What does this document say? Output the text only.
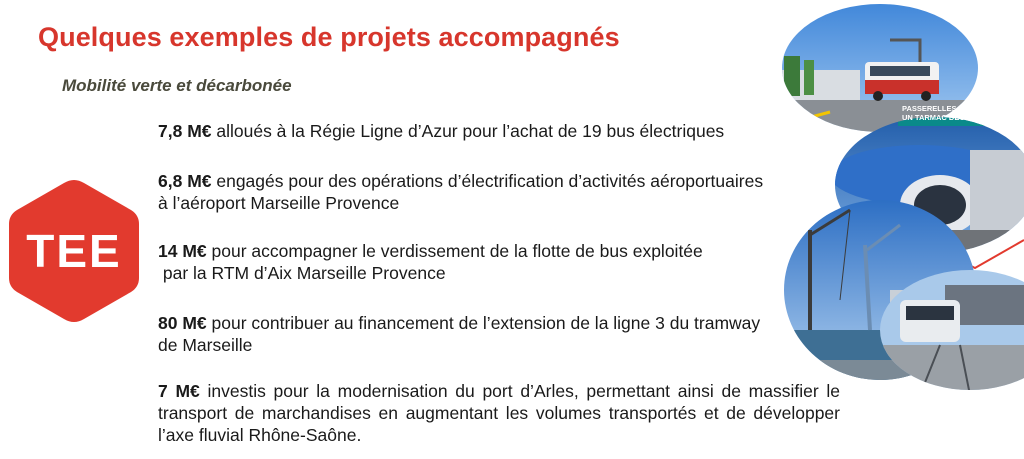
Quelques exemples de projets accompagnés
Mobilité verte et décarbonée
TEE
7,8 M€ alloués à la Régie Ligne d’Azur pour l’achat de 19 bus électriques
6,8 M€ engagés pour des opérations d’électrification d’activités aéroportuaires
à l’aéroport Marseille Provence
14 M€ pour accompagner le verdissement de la flotte de bus exploitée
par la RTM d’Aix Marseille Provence
80 M€ pour contribuer au financement de l’extension de la ligne 3 du tramway
de Marseille
7 M€ investis pour la modernisation du port d’Arles, permettant ainsi de massifier le transport de marchandises en augmentant les volumes transportés et de développer l’axe fluvial Rhône-Saône.
PASSERELLES CONNECTÉES UN TARMAC DÉCARBONÉ
